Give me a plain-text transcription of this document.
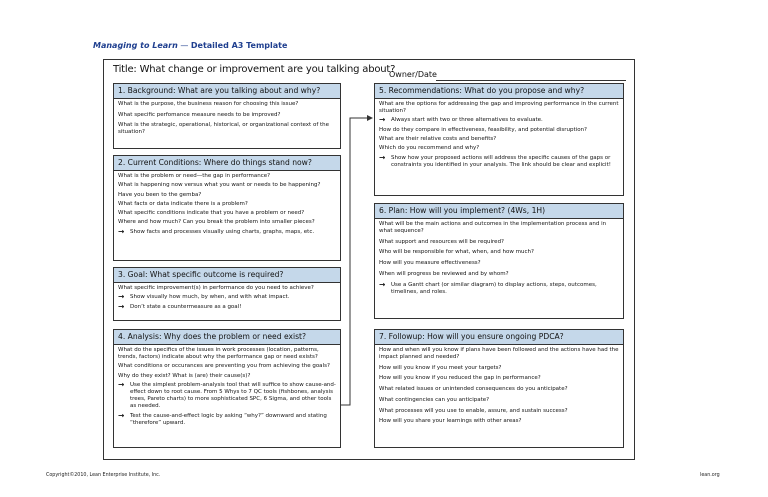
Managing to Learn — Detailed A3 Template
Title: What change or improvement are you talking about?
Owner/Date
1. Background: What are you talking about and why?
What is the purpose, the business reason for choosing this issue?
What specific perfomance measure needs to be improved?
What is the strategic, operational, historical, or organizational context of the situation?
2. Current Conditions: Where do things stand now?
What is the problem or need—the gap in performance?
What is happening now versus what you want or needs to be happening?
Have you been to the gemba?
What facts or data indicate there is a problem?
What specific conditions indicate that you have a problem or need?
Where and how much? Can you break the problem into smaller pieces?
→ Show facts and processes visually using charts, graphs, maps, etc.
3. Goal: What specific outcome is required?
What specific improvement(s) in performance do you need to achieve?
→ Show visually how much, by when, and with what impact.
→ Don’t state a countermeasure as a goal!
4. Analysis: Why does the problem or need exist?
What do the specifics of the issues in work processes (location, patterns, trends, factors) indicate about why the performance gap or need exists?
What conditions or occurances are preventing you from achieving the goals?
Why do they exist? What is (are) their cause(s)?
→ Use the simplest problem-analysis tool that will suffice to show cause-and-effect down to root cause. From 5 Whys to 7 QC tools (fishbones, analysis trees, Pareto charts) to more sophisticated SPC, 6 Sigma, and other tools as needed.
→ Test the cause-and-effect logic by asking “why?” downward and stating “therefore” upward.
5. Recommendations: What do you propose and why?
What are the options for addressing the gap and improving performance in the current situation?
→ Always start with two or three alternatives to evaluate.
How do they compare in effectiveness, feasibility, and potential disruption?
What are their relative costs and benefits?
Which do you recommend and why?
→ Show how your proposed actions will address the specific causes of the gaps or constraints you identified in your analysis. The link should be clear and explicit!
6. Plan: How will you implement? (4Ws, 1H)
What will be the main actions and outcomes in the implementation process and in what sequence?
What support and resources will be required?
Who will be responsible for what, when, and how much?
How will you measure effectiveness?
When will progress be reviewed and by whom?
→ Use a Gantt chart (or similar diagram) to display actions, steps, outcomes, timelines, and roles.
7. Followup: How will you ensure ongoing PDCA?
How and when will you know if plans have been followed and the actions have had the impact planned and needed?
How will you know if you meet your targets?
How will you know if you reduced the gap in performance?
What related issues or unintended consequences do you anticipate?
What contingencies can you anticipate?
What processes will you use to enable, assure, and sustain success?
How will you share your learnings with other areas?
Copyright©2010, Lean Enterprise Institute, Inc.	lean.org
